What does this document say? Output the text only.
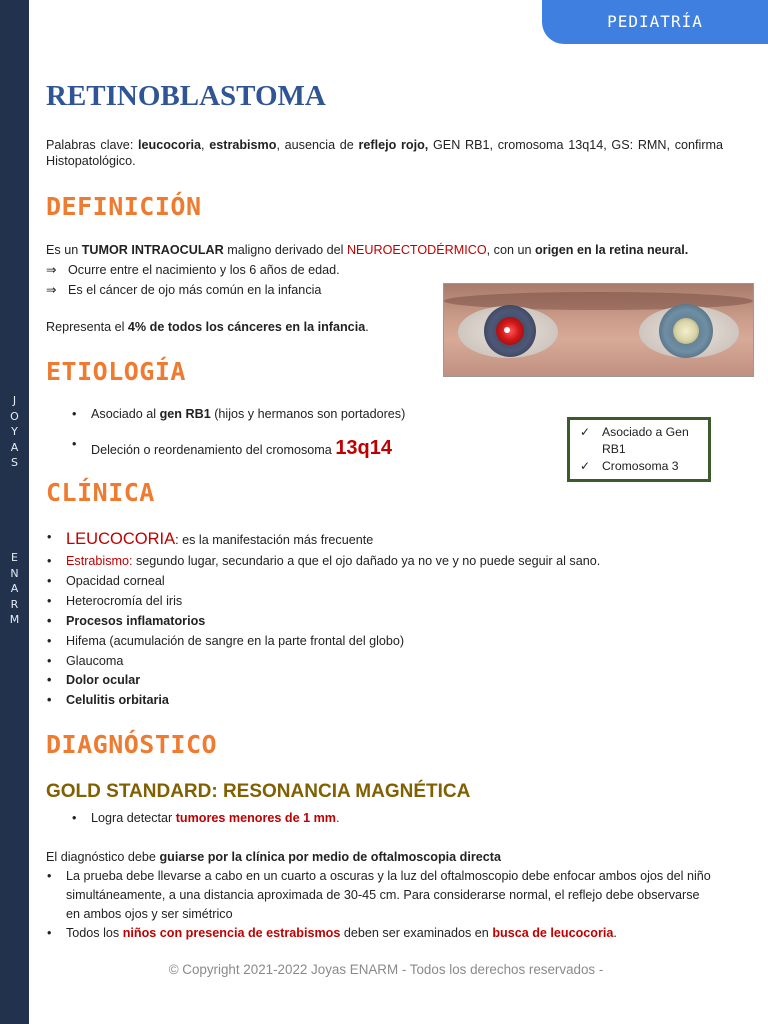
J
O
Y
A
S
E
N
A
R
M
PEDIATRÍA
RETINOBLASTOMA

Palabras clave: leucocoria, estrabismo, ausencia de reflejo rojo, GEN RB1, cromosoma 13q14, GS: RMN, confirma Histopatológico.

DEFINICIÓN

Es un TUMOR INTRAOCULAR maligno derivado del NEUROECTODÉRMICO, con un origen en la retina neural.

⇒ Ocurre entre el nacimiento y los 6 años de edad.
⇒ Es el cáncer de ojo más común en la infancia

Representa el 4% de todos los cánceres en la infancia.

ETIOLOGÍA
• Asociado al gen RB1 (hijos y hermanos son portadores)
• Deleción o reordenamiento del cromosoma 13q14
✓ Asociado a Gen RB1
✓ Cromosoma 3
CLÍNICA
• LEUCOCORIA: es la manifestación más frecuente
• Estrabismo: segundo lugar, secundario a que el ojo dañado ya no ve y no puede seguir al sano.
• Opacidad corneal
• Heterocromía del iris
• Procesos inflamatorios
• Hifema (acumulación de sangre en la parte frontal del globo)
• Glaucoma
• Dolor ocular
• Celulitis orbitaria
DIAGNÓSTICO
GOLD STANDARD: RESONANCIA MAGNÉTICA
• Logra detectar tumores menores de 1 mm.

El diagnóstico debe guiarse por la clínica por medio de oftalmoscopia directa

• La prueba debe llevarse a cabo en un cuarto a oscuras y la luz del oftalmoscopio debe enfocar ambos ojos del niño simultáneamente, a una distancia aproximada de 30-45 cm. Para considerarse normal, el reflejo debe observarse en ambos ojos y ser simétrico
• Todos los niños con presencia de estrabismos deben ser examinados en busca de leucocoria.
© Copyright 2021-2022 Joyas ENARM - Todos los derechos reservados -
